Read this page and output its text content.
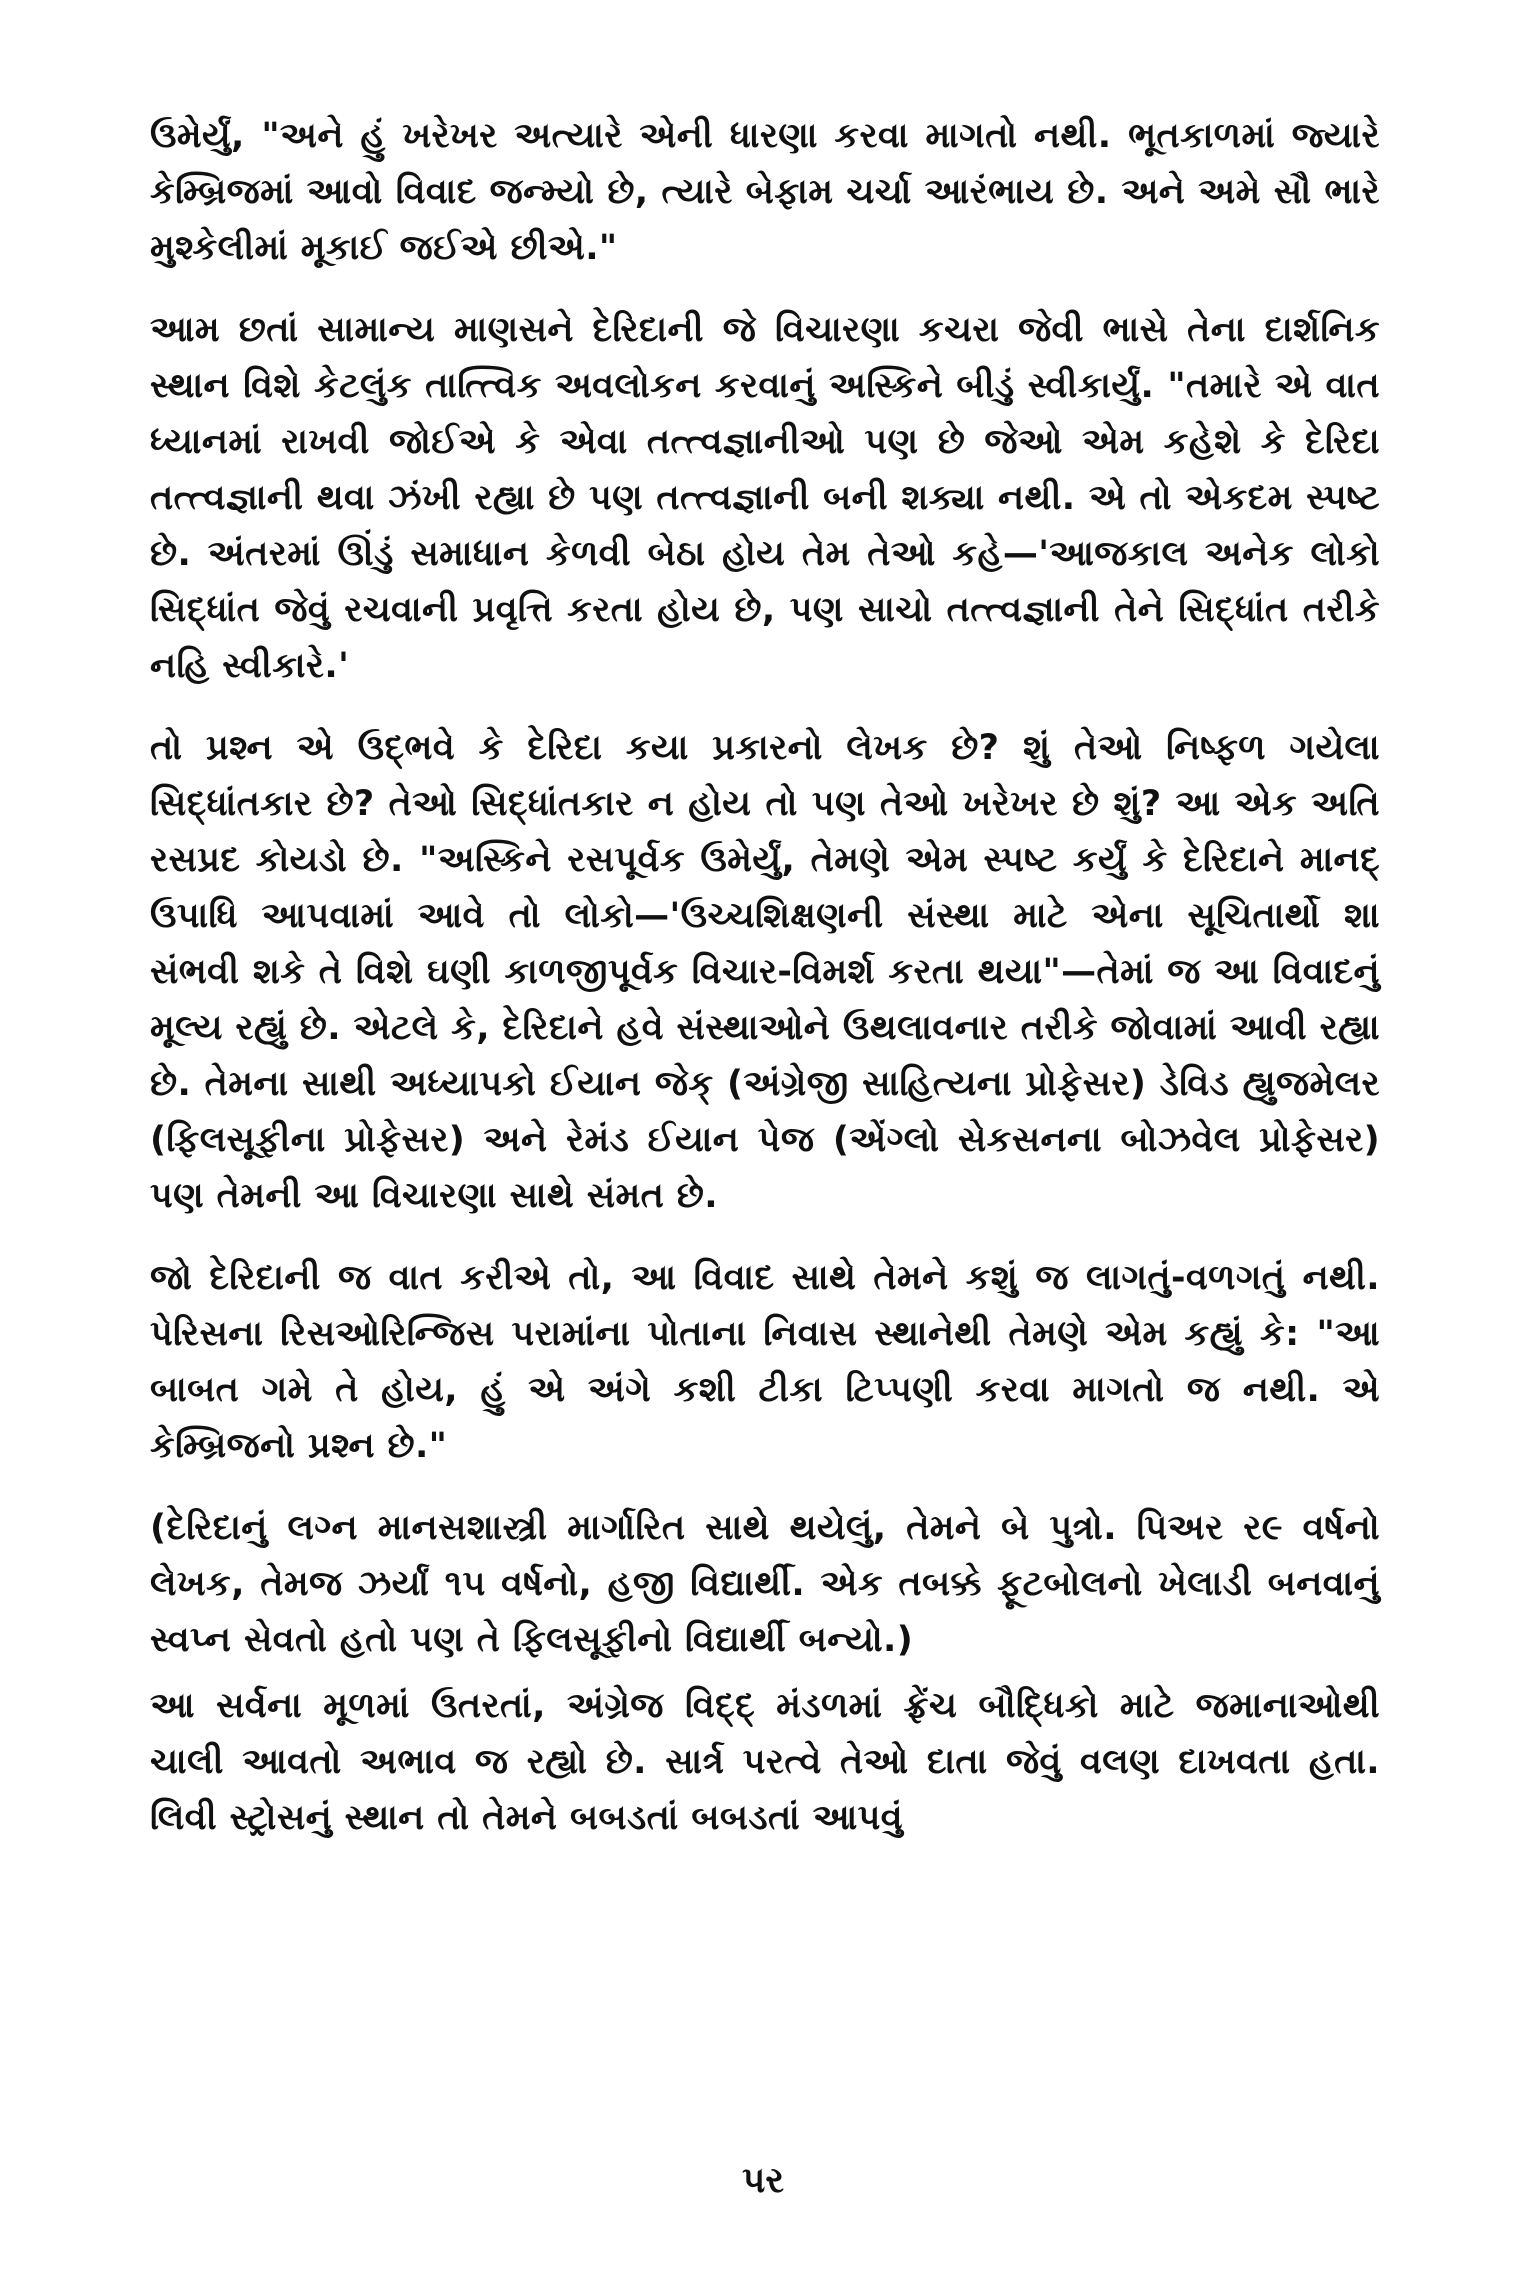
ઉમેર્યું, "અને હું ખરેખર અત્યારે એની ધારણા કરવા માગતો નથી. ભૂતકાળમાં જ્યારે કેમ્બ્રિજમાં આવો વિવાદ જન્મ્યો છે, ત્યારે બેફામ ચર્ચા આરંભાય છે. અને અમે સૌ ભારે મુશ્કેલીમાં મૂકાઈ જઈએ છીએ."

આમ છતાં સામાન્ય માણસને દેરિદાની જે વિચારણા કચરા જેવી ભાસે તેના દાર્શનિક સ્થાન વિશે કેટલુંક તાત્ત્વિક અવલોકન કરવાનું અસ્કિને બીડું સ્વીકાર્યું. "તમારે એ વાત ધ્યાનમાં રાખવી જોઈએ કે એવા તત્ત્વજ્ઞાનીઓ પણ છે જેઓ એમ કહેશે કે દેરિદા તત્ત્વજ્ઞાની થવા ઝંખી રહ્યા છે પણ તત્ત્વજ્ઞાની બની શક્યા નથી. એ તો એકદમ સ્પષ્ટ છે. અંતરમાં ઊંડું સમાધાન કેળવી બેઠા હોય તેમ તેઓ કહે—'આજકાલ અનેક લોકો સિદ્ધાંત જેવું રચવાની પ્રવૃત્તિ કરતા હોય છે, પણ સાચો તત્ત્વજ્ઞાની તેને સિદ્ધાંત તરીકે નહિ સ્વીકારે.'

તો પ્રશ્ન એ ઉદ્ભવે કે દેરિદા કયા પ્રકારનો લેખક છે? શું તેઓ નિષ્ફળ ગયેલા સિદ્ધાંતકાર છે? તેઓ સિદ્ધાંતકાર ન હોય તો પણ તેઓ ખરેખર છે શું? આ એક અતિ રસપ્રદ કોયડો છે. "અસ્કિને રસપૂર્વક ઉમેર્યું, તેમણે એમ સ્પષ્ટ કર્યું કે દેરિદાને માનદ્ ઉપાધિ આપવામાં આવે તો લોકો—'ઉચ્ચશિક્ષણની સંસ્થા માટે એના સૂચિતાર્થો શા સંભવી શકે તે વિશે ઘણી કાળજીપૂર્વક વિચાર-વિમર્શ કરતા થયા"—તેમાં જ આ વિવાદનું મૂલ્ય રહ્યું છે. એટલે કે, દેરિદાને હવે સંસ્થાઓને ઉથલાવનાર તરીકે જોવામાં આવી રહ્યા છે. તેમના સાથી અધ્યાપકો ઈયાન જેક્ (અંગ્રેજી સાહિત્યના પ્રોફેસર) ડેવિડ હ્યુજમેલર (ફિલસૂફીના પ્રોફેસર) અને રેમંડ ઈયાન પેજ (એંગ્લો સેકસનના બોઝવેલ પ્રોફેસર) પણ તેમની આ વિચારણા સાથે સંમત છે.

જો દેરિદાની જ વાત કરીએ તો, આ વિવાદ સાથે તેમને કશું જ લાગતું-વળગતું નથી. પેરિસના રિસઓરિન્જિસ પરામાંના પોતાના નિવાસ સ્થાનેથી તેમણે એમ કહ્યું કે: "આ બાબત ગમે તે હોય, હું એ અંગે કશી ટીકા ટિપ્પણી કરવા માગતો જ નથી. એ કેમ્બ્રિજનો પ્રશ્ન છે."

(દેરિદાનું લગ્ન માનસશાસ્ત્રી માર્ગારિત સાથે થયેલું, તેમને બે પુત્રો. પિઅર ર૯ વર્ષનો લેખક, તેમજ ઝર્યાં ૧૫ વર્ષનો, હજી વિદ્યાર્થી. એક તબક્કે ફૂટબોલનો ખેલાડી બનવાનું સ્વપ્ન સેવતો હતો પણ તે ફિલસૂફીનો વિદ્યાર્થી બન્યો.)

આ સર્વના મૂળમાં ઉતરતાં, અંગ્રેજ વિદ્દ્ મંડળમાં ફ્રેંચ બૌદ્ધિકો માટે જમાનાઓથી ચાલી આવતો અભાવ જ રહ્યો છે. સાર્ત્ર પરત્વે તેઓ દાતા જેવું વલણ દાખવતા હતા. લિવી સ્ટ્રોસનું સ્થાન તો તેમને બબડતાં બબડતાં આપવું

પર
